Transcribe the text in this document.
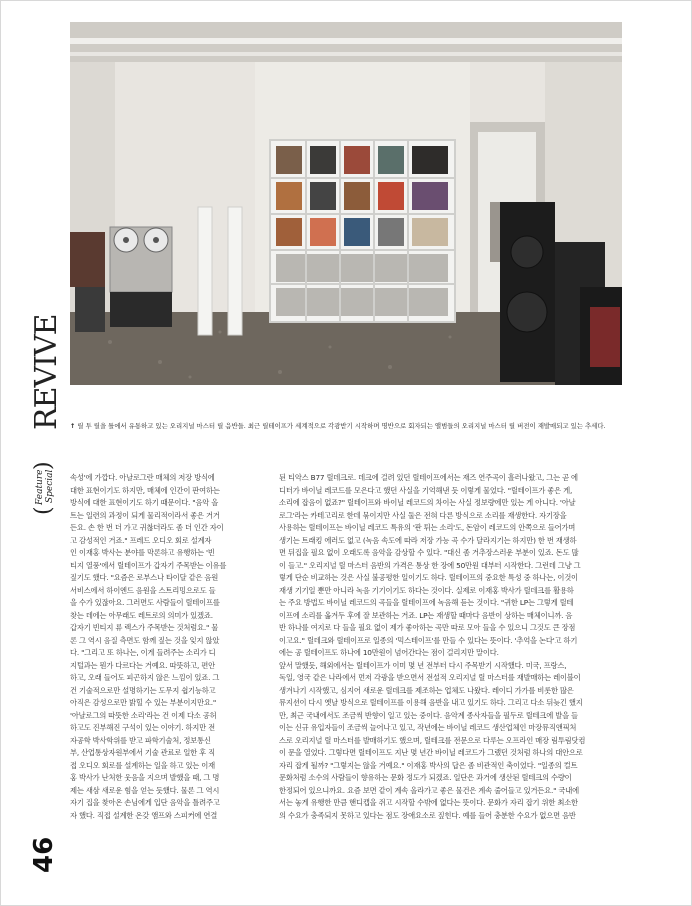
REVIVE
(
)
Feature Special
46
↑ 릴 투 릴을 틀에서 유통하고 있는 오리지널 마스터 릴 음반들. 최근 릴테이프가 세계적으로 각광받기 시작하며 명반으로 회자되는 앨범들의 오리지널 마스터 릴 버전이 재발매되고 있는 추세다.
속성'에 가깝다. 아날로그란 매체의 저장 방식에
대한 표현이기도 하지만, 매체에 인간이 판여하는
방식에 대한 표현이기도 하기 때문이다. "음악 올
트는 일련의 과정이 되게 물리적이라서 좋은 거거
든요. 손 한 번 더 가고 귀찮더라도 좀 더 인간 자이
고 감성적인 거죠." 프레드 오디오 회로 설계자
인 이재홍 박사는 분야를 막론하고 유행하는 '빈
티지 열풍'에서 릴테이프가 갑자기 주목받는 이유를
짚기도 했다. "요즘은 로부스나 타이달 같은 음원
서비스에서 하이엔드 음원을 스트리밍으로도 들
을 수가 있잖아요. 그러면도 사람들이 릴테이프를
찾는 데에는 아무래도 레트로의 의미가 있겠죠.
갑자기 빈티지 류 렉스가 주목받는 것처럼요." 물
론 그 역시 음질 측면도 함께 짚는 것을 잊지 않았
다. "그리고 또 하나는, 이게 들려주는 소리가 디
지털과는 뭔가 다르다는 거예요. 따뜻하고, 편안
하고, 오래 들어도 피곤하지 않은 느낌이 있죠. 그
건 기술적으로만 설명하기는 도무지 쉽기능하고
아직은 감성으로만 밝힐 수 있는 부분이지만요."
'아날로그의 따뜻한 소리'라는 건 이제 다소 공허
하고도 진부해진 구석이 있는 이야기. 하지만 전
자공학 박사학위를 받고 파학기술처, 정보통신
부, 산업통상자원부에서 기술 관료로 일한 후 직
접 오디오 회로를 설계하는 일을 하고 있는 이재
홍 박사가 난처한 웃음을 지으며 발했을 때, 그 명
제는 새삼 새로운 힘을 얻는 듯했다. 물론 그 역시
자기 집을 찾아온 손님에게 입단 음악을 틀려주고
자 했다. 직접 설계한 온갖 앰프와 스피커에 연결
된 티악스 B77 릴데크로. 데크에 걸려 있던 릴테이프에서는 재즈 연주곡이 흘러나왔고, 그는 곧 에
디터가 바이닐 레코드를 모은다고 했던 사실을 기억해낸 듯 이렇게 물었다. "릴테이프가 좋은 게,
소리에 잡음이 없죠?" 릴테이프와 바이닐 레코드의 차이는 사실 정보량에만 있는 게 아니다. '아날
로그'라는 카테고리로 한데 묶이지만 사실 둘은 전혀 다른 방식으로 소리를 재생한다. 자기장을
사용하는 릴테이프는 바이닐 레코드 특유의 '판 튀는 소리'도, 돈암이 레코드의 안쪽으로 들어가며
생기는 트래킹 에러도 없고 (녹음 속도에 따라 저장 가능 곡 수가 달라지기는 하지만) 한 번 재생하
면 뒤집을 필요 없이 오래도록 음악을 감상할 수 있다. "대신 좀 거추장스러운 부분이 있죠. 돈도 많
이 들고." 오리지널 릴 마스터 음반의 가격은 통상 한 장에 50만원 대부터 시작한다. 그런데 그냥 그
렇게 단순 비교하는 것은 사실 불공평한 일이기도 하다. 릴테이프의 중요한 특성 중 하나는, 이것이
재생 기기일 뿐만 아니라 녹음 기기이기도 하다는 것이다. 실제로 이재홍 박사가 릴데크를 활용하
는 주요 방법도 바이닐 레코드의 곡들을 릴테이프에 녹음해 듣는 것이다. "귀한 LP는 그렇게 릴테
이프에 소리를 옮겨두 후에 잘 보관하는 거죠. LP는 재생할 때마다 음반이 상하는 매체이니까. 음
반 하나를 여지로 다 들을 필요 없이 제가 좋아하는 곡만 따로 모아 들을 수 있으니 그것도 큰 장점
이고요." 릴데크와 릴테이프로 일종의 '믹스테이프'를 만들 수 있다는 뜻이다. '추억을 논다'고 하기
에는 공 릴테이프도 하나에 10만원이 넘어간다는 점이 걸리지만 말이다.
앞서 말했듯, 해외에서는 릴테이프가 이미 몇 년 전부터 다시 주목받기 시작했다. 미국, 프랑스,
독일, 영국 같은 나라에서 먼저 각광을 받으면서 전설적 오리지널 릴 마스터를 재발매하는 레이블이
생겨나기 시작했고, 심지어 새로운 릴데크를 제조하는 업체도 나왔다. 레이디 가가를 비롯한 많은
뮤지션이 다시 옛날 방식으로 릴테이프를 이용해 음반을 내고 있기도 하다. 그리고 다소 뒤늦긴 했지
만, 최근 국내에서도 조금씩 반향이 일고 있는 중이다. 음악계 종사자들을 필두로 릴테크에 발을 들
이는 신규 유입자들이 조금씩 늘어나고 있고, 작년에는 바이닐 레코드 생산업체인 마장뮤직앤픽처
스로 오리지널 릴 마스터를 발매하기도 했으며, 릴테크를 전문으로 다루는 오프라인 매장 림투림닷컴
이 문을 열었다. 그렇다면 릴테이프도 지난 몇 년간 바이닐 레코드가 그랬던 것처럼 하나의 대안으로
자리 잡게 될까? "그렇지는 않을 거예요." 이재홍 박사의 답은 좀 비관적인 축이었다. "일종의 컬트
문화처럼 소수의 사람들이 향유하는 문화 정도가 되겠죠. 일단은 과거에 생산된 릴테크의 수량이
한정되어 있으니까요. 요즘 보면 같이 계속 올라가고 좋은 물건은 계속 줄어들고 있거든요." 국내에
서는 놓게 유행한 만큼 핸디캡을 쥐고 시작할 수밖에 없다는 뜻이다. 문화가 자리 잡기 위한 최소한
의 수요가 충족되지 못하고 있다는 점도 장애요소로 짚힌다. 예를 들어 충분한 수요가 없으면 음반
